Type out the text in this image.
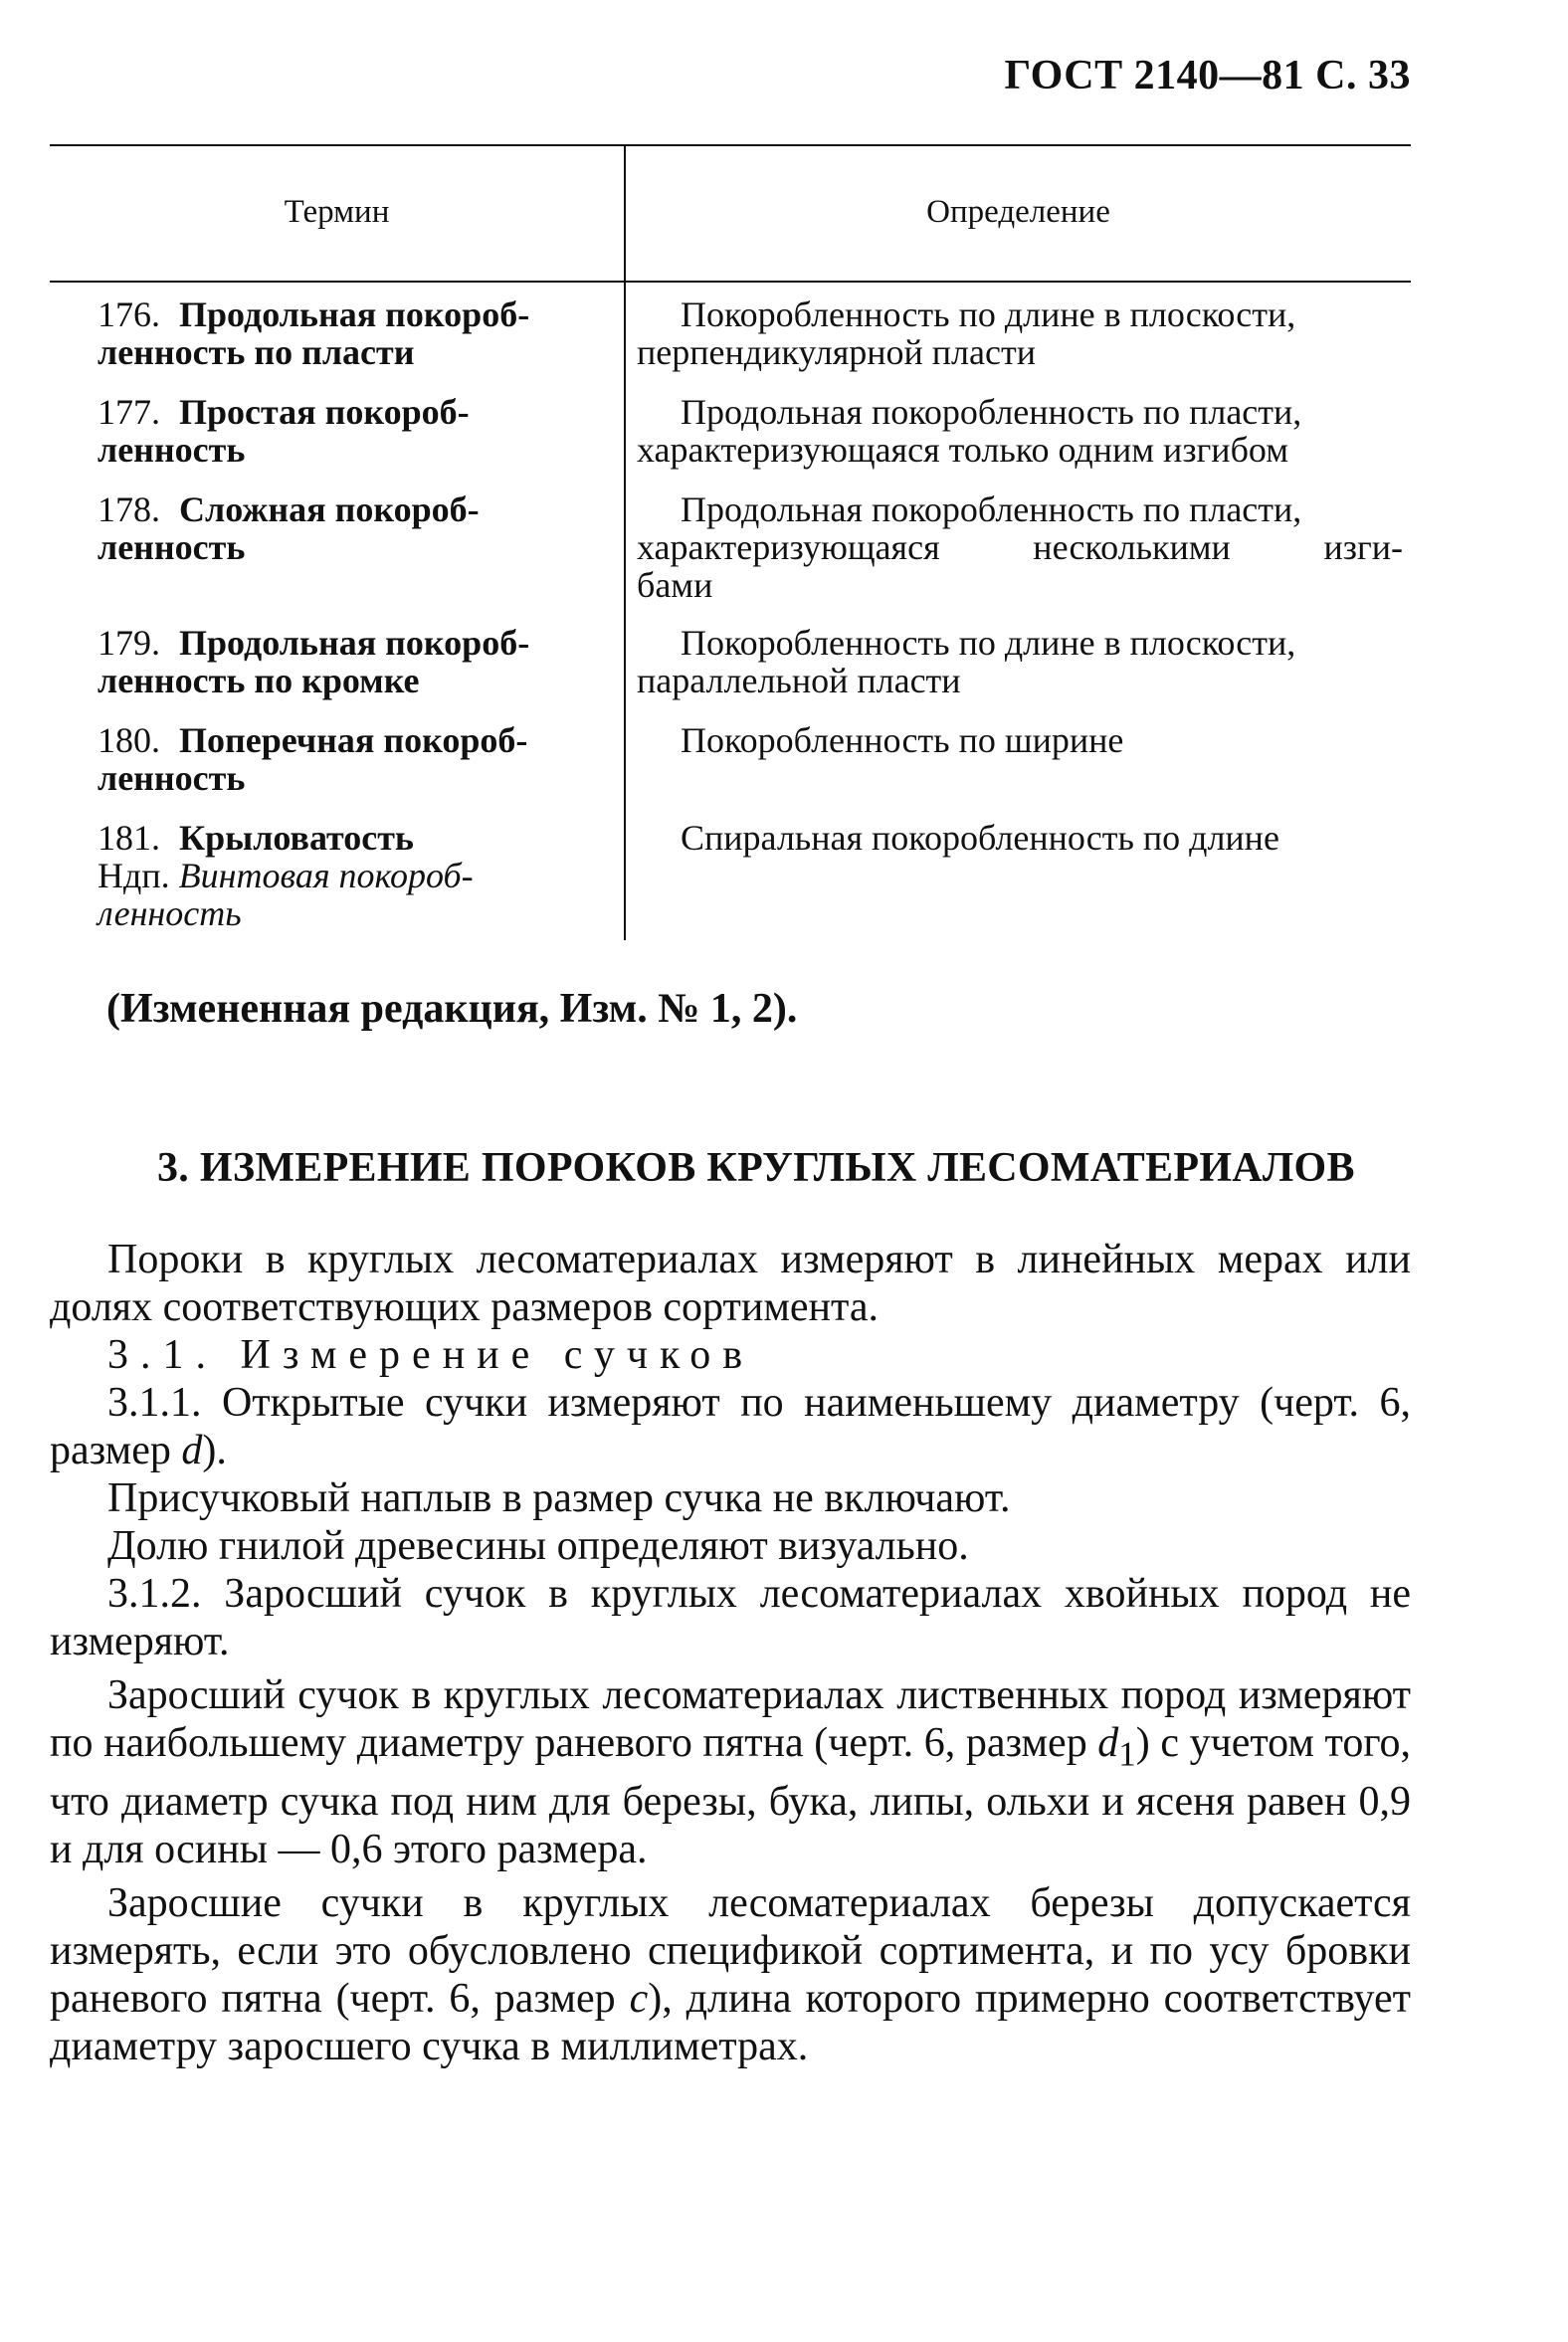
ГОСТ 2140—81 С. 33
Термин	Определение
176. Продольная покороб-
ленность по пласти
Покоробленность по длине в плоскости,
перпендикулярной пласти
177. Простая покороб-
ленность
Продольная покоробленность по пласти,
характеризующаяся только одним изгибом
178. Сложная покороб-
ленность
Продольная покоробленность по пласти,
характеризующаяся несколькими изги-
бами
179. Продольная покороб-
ленность по кромке
Покоробленность по длине в плоскости,
параллельной пласти
180. Поперечная покороб-
ленность
Покоробленность по ширине
181. Крыловатость
Ндп. Винтовая покороб-
ленность
Спиральная покоробленность по длине
(Измененная редакция, Изм. № 1, 2).
3. ИЗМЕРЕНИЕ ПОРОКОВ КРУГЛЫХ ЛЕСОМАТЕРИАЛОВ

Пороки в круглых лесоматериалах измеряют в линейных мерах или долях соответствующих размеров сортимента.

3.1. Измерение сучков

3.1.1. Открытые сучки измеряют по наименьшему диаметру (черт. 6, размер d).

Присучковый наплыв в размер сучка не включают.

Долю гнилой древесины определяют визуально.

3.1.2. Заросший сучок в круглых лесоматериалах хвойных пород не измеряют.

Заросший сучок в круглых лесоматериалах лиственных пород измеряют по наибольшему диаметру раневого пятна (черт. 6, размер $d_1$) с учетом того, что диаметр сучка под ним для березы, бука, липы, ольхи и ясеня равен 0,9 и для осины — 0,6 этого размера.

Заросшие сучки в круглых лесоматериалах березы допускается измерять, если это обусловлено спецификой сортимента, и по усу бровки раневого пятна (черт. 6, размер c), длина которого примерно соответствует диаметру заросшего сучка в миллиметрах.
